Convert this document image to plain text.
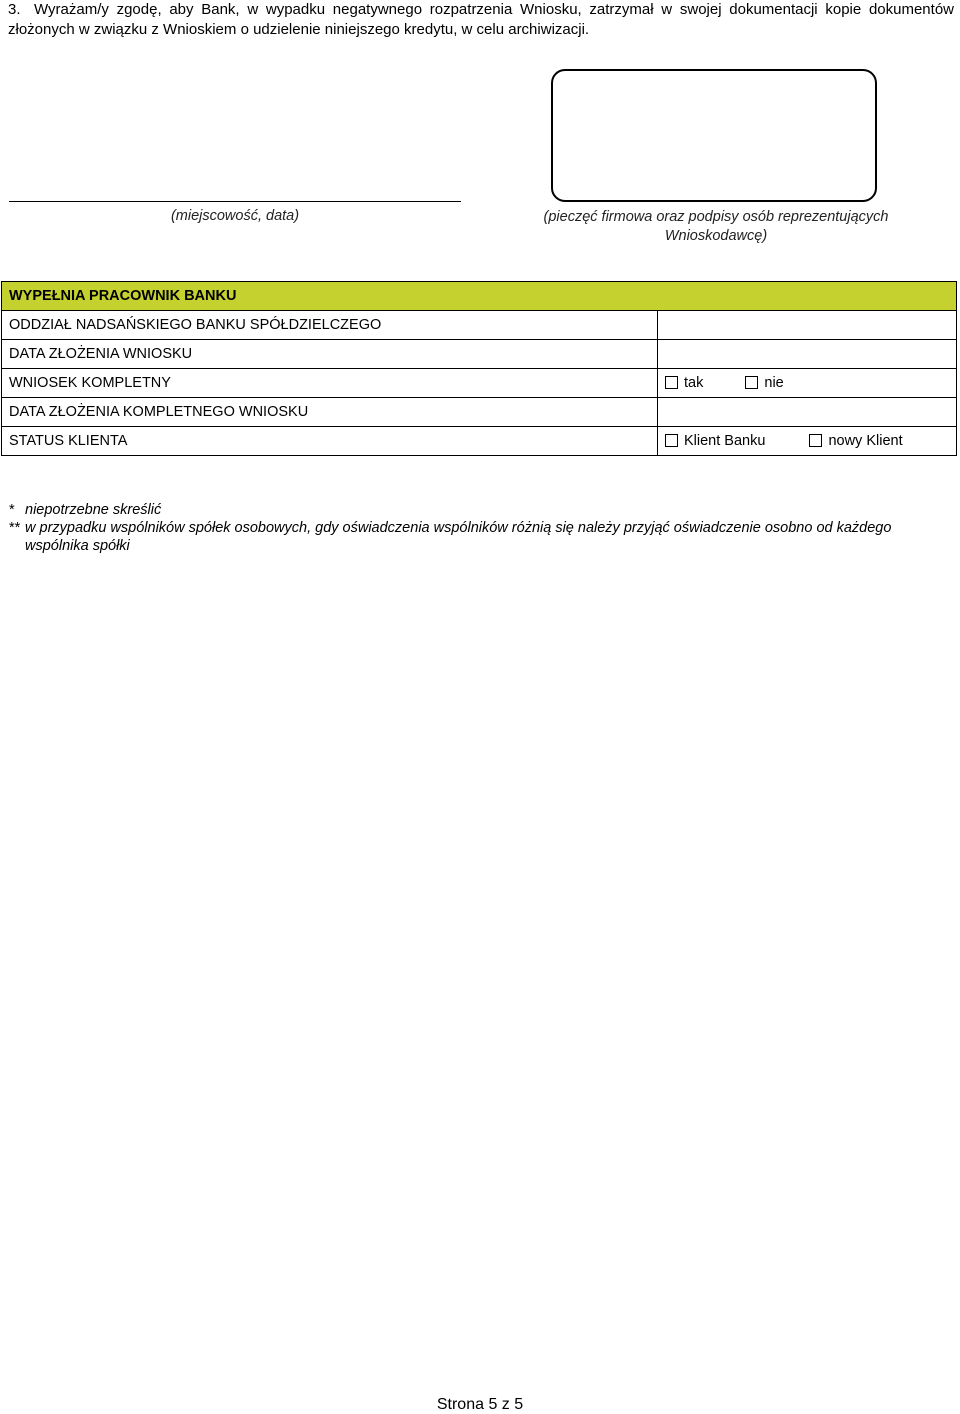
3. Wyrażam/y zgodę, aby Bank, w wypadku negatywnego rozpatrzenia Wniosku, zatrzymał w swojej dokumentacji kopie dokumentów
złożonych w związku z Wnioskiem o udzielenie niniejszego kredytu, w celu archiwizacji.
(miejscowość, data)	(pieczęć firmowa oraz podpisy osób reprezentujących Wnioskodawcę)
WYPEŁNIA PRACOWNIK BANKU	
ODDZIAŁ NADSAŃSKIEGO BANKU SPÓŁDZIELCZEGO	
DATA ZŁOŻENIA WNIOSKU	
WNIOSEK KOMPLETNY	tak nie
DATA ZŁOŻENIA KOMPLETNEGO WNIOSKU	
STATUS KLIENTA	Klient Banku nowy Klient
* niepotrzebne skreślić
** w przypadku wspólników spółek osobowych, gdy oświadczenia wspólników różnią się należy przyjąć oświadczenie osobno od każdego wspólnika spółki
Strona 5 z 5
